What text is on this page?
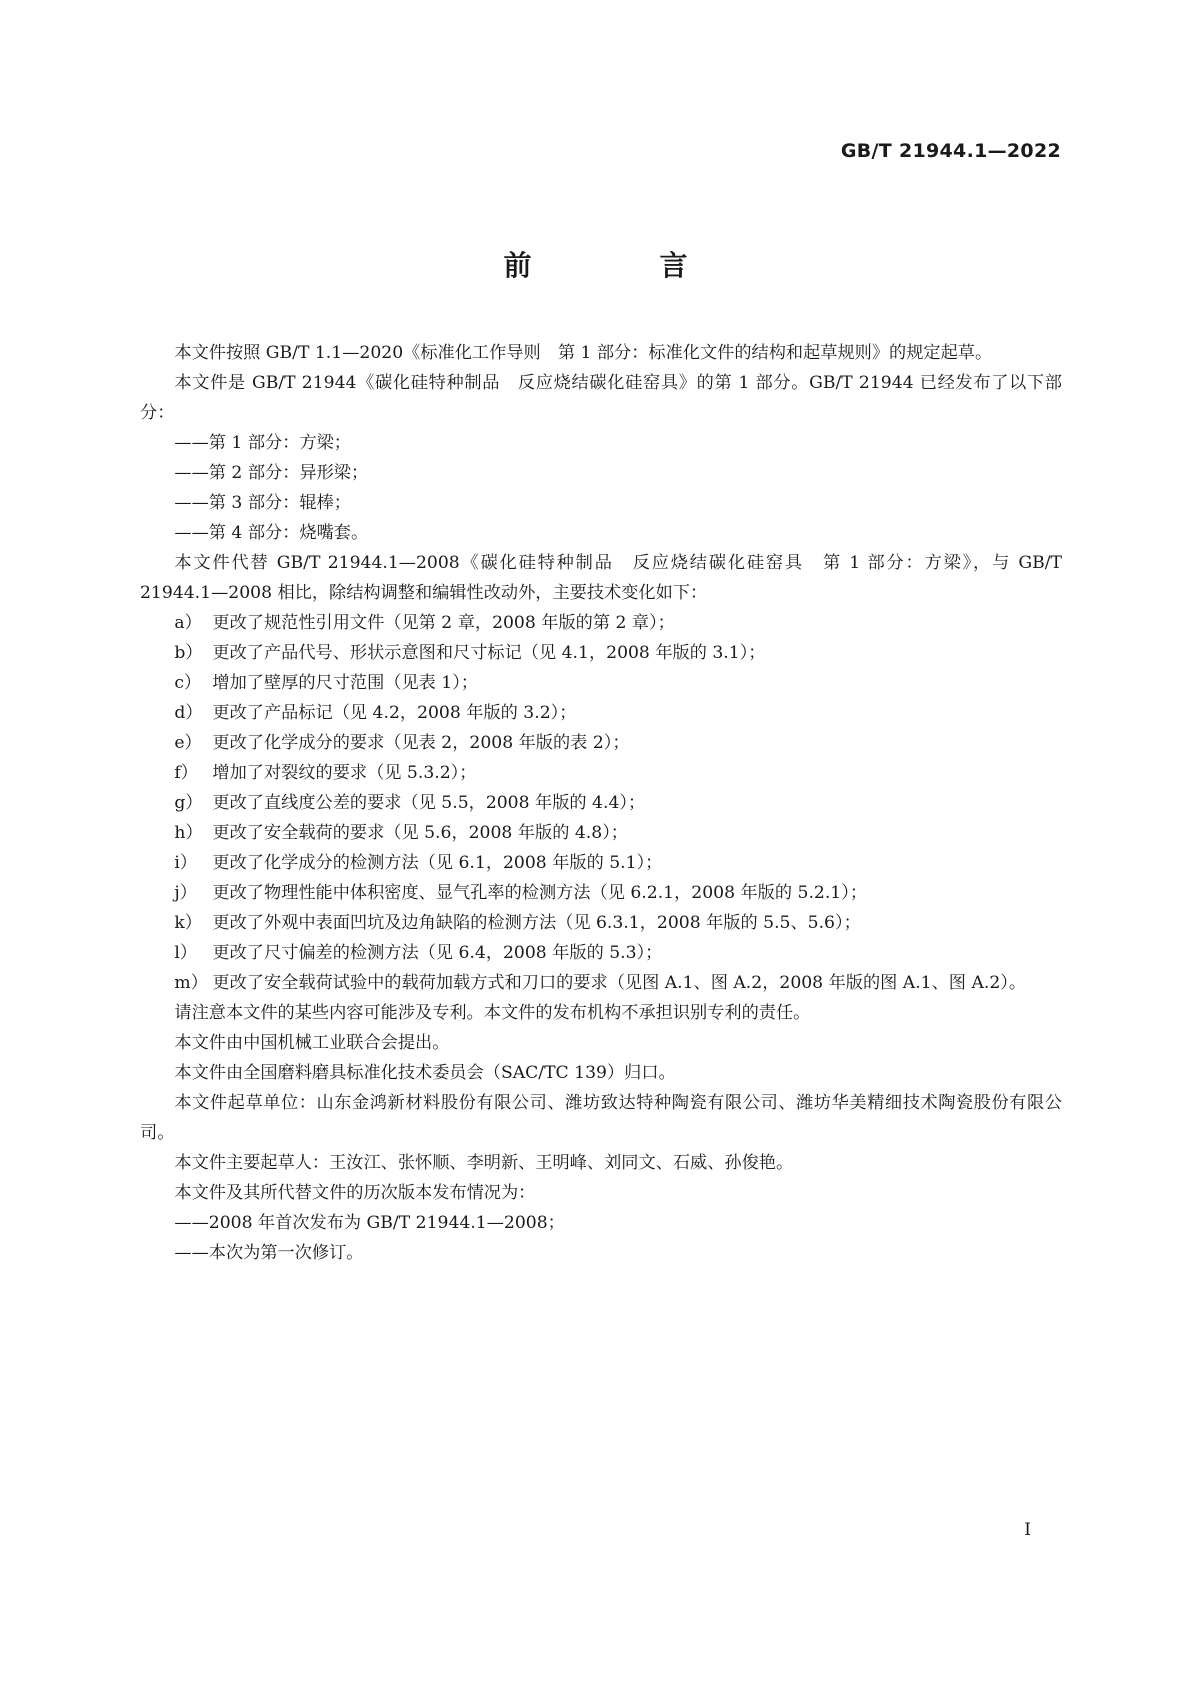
GB/T 21944.1—2022
前　言

本文件按照 GB/T 1.1—2020《标准化工作导则　第 1 部分：标准化文件的结构和起草规则》的规定起草。

本文件是 GB/T 21944《碳化硅特种制品　反应烧结碳化硅窑具》的第 1 部分。GB/T 21944 已经发布了以下部分：

——第 1 部分：方梁；

——第 2 部分：异形梁；

——第 3 部分：辊棒；

——第 4 部分：烧嘴套。

本文件代替 GB/T 21944.1—2008《碳化硅特种制品　反应烧结碳化硅窑具　第 1 部分：方梁》，与 GB/T 21944.1—2008 相比，除结构调整和编辑性改动外，主要技术变化如下：

a） 更改了规范性引用文件（见第 2 章，2008 年版的第 2 章）；
b） 更改了产品代号、形状示意图和尺寸标记（见 4.1，2008 年版的 3.1）；
c） 增加了壁厚的尺寸范围（见表 1）；
d） 更改了产品标记（见 4.2，2008 年版的 3.2）；
e） 更改了化学成分的要求（见表 2，2008 年版的表 2）；
f） 增加了对裂纹的要求（见 5.3.2）；
g） 更改了直线度公差的要求（见 5.5，2008 年版的 4.4）；
h） 更改了安全载荷的要求（见 5.6，2008 年版的 4.8）；
i） 更改了化学成分的检测方法（见 6.1，2008 年版的 5.1）；
j） 更改了物理性能中体积密度、显气孔率的检测方法（见 6.2.1，2008 年版的 5.2.1）；
k） 更改了外观中表面凹坑及边角缺陷的检测方法（见 6.3.1，2008 年版的 5.5、5.6）；
l） 更改了尺寸偏差的检测方法（见 6.4，2008 年版的 5.3）；
m） 更改了安全载荷试验中的载荷加载方式和刀口的要求（见图 A.1、图 A.2，2008 年版的图 A.1、图 A.2）。

请注意本文件的某些内容可能涉及专利。本文件的发布机构不承担识别专利的责任。

本文件由中国机械工业联合会提出。

本文件由全国磨料磨具标准化技术委员会（SAC/TC 139）归口。

本文件起草单位：山东金鸿新材料股份有限公司、潍坊致达特种陶瓷有限公司、潍坊华美精细技术陶瓷股份有限公司。

本文件主要起草人：王汝江、张怀顺、李明新、王明峰、刘同文、石威、孙俊艳。

本文件及其所代替文件的历次版本发布情况为：

——2008 年首次发布为 GB/T 21944.1—2008；

——本次为第一次修订。

I
